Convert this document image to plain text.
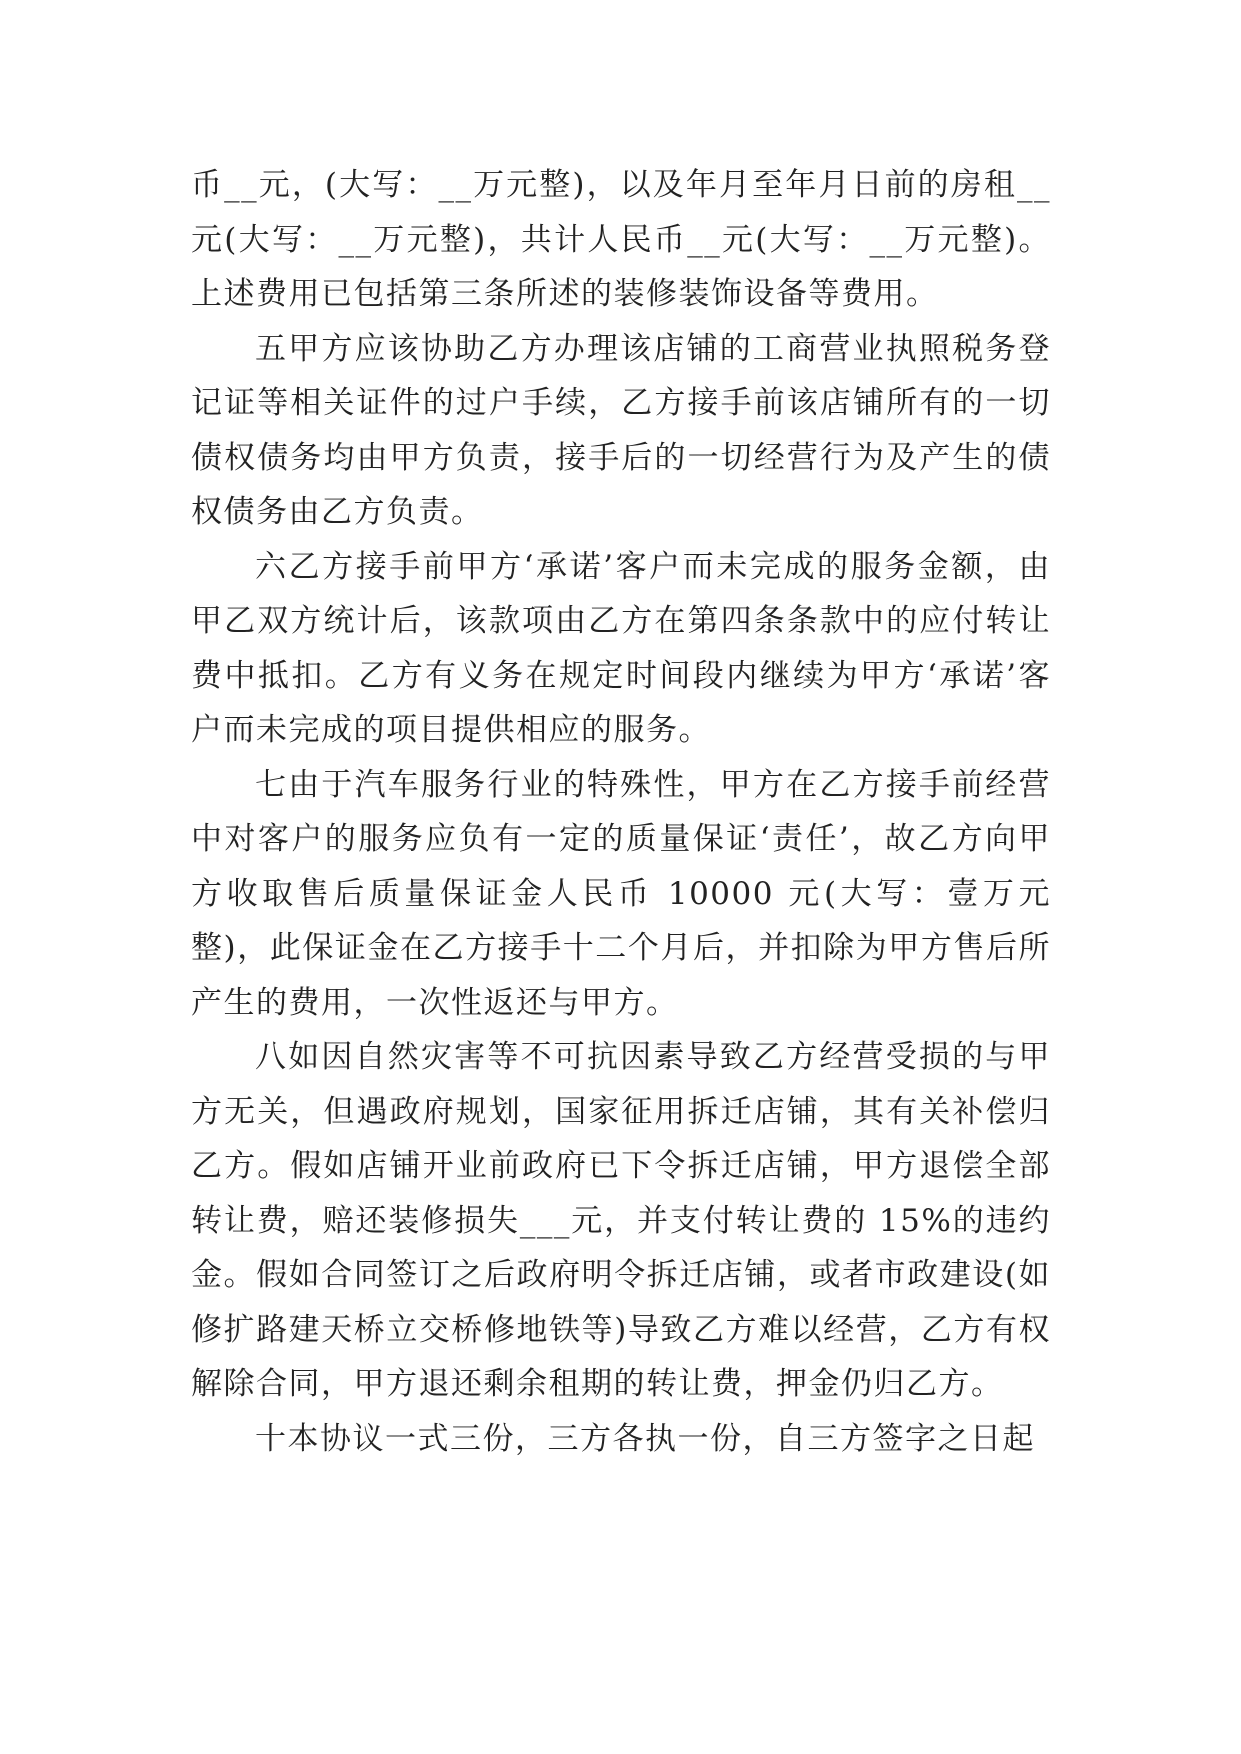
币__元，(大写：__万元整)，以及年月至年月日前的房租__元(大写：__万元整)，共计人民币__元(大写：__万元整)。上述费用已包括第三条所述的装修装饰设备等费用。

五甲方应该协助乙方办理该店铺的工商营业执照税务登记证等相关证件的过户手续，乙方接手前该店铺所有的一切债权债务均由甲方负责，接手后的一切经营行为及产生的债权债务由乙方负责。

六乙方接手前甲方‘承诺’客户而未完成的服务金额，由甲乙双方统计后，该款项由乙方在第四条条款中的应付转让费中抵扣。乙方有义务在规定时间段内继续为甲方‘承诺’客户而未完成的项目提供相应的服务。

七由于汽车服务行业的特殊性，甲方在乙方接手前经营中对客户的服务应负有一定的质量保证‘责任’，故乙方向甲方收取售后质量保证金人民币 10000 元(大写：壹万元整)，此保证金在乙方接手十二个月后，并扣除为甲方售后所产生的费用，一次性返还与甲方。

八如因自然灾害等不可抗因素导致乙方经营受损的与甲方无关，但遇政府规划，国家征用拆迁店铺，其有关补偿归乙方。假如店铺开业前政府已下令拆迁店铺，甲方退偿全部转让费，赔还装修损失___元，并支付转让费的 15%的违约金。假如合同签订之后政府明令拆迁店铺，或者市政建设(如修扩路建天桥立交桥修地铁等)导致乙方难以经营，乙方有权解除合同，甲方退还剩余租期的转让费，押金仍归乙方。

十本协议一式三份，三方各执一份，自三方签字之日起
